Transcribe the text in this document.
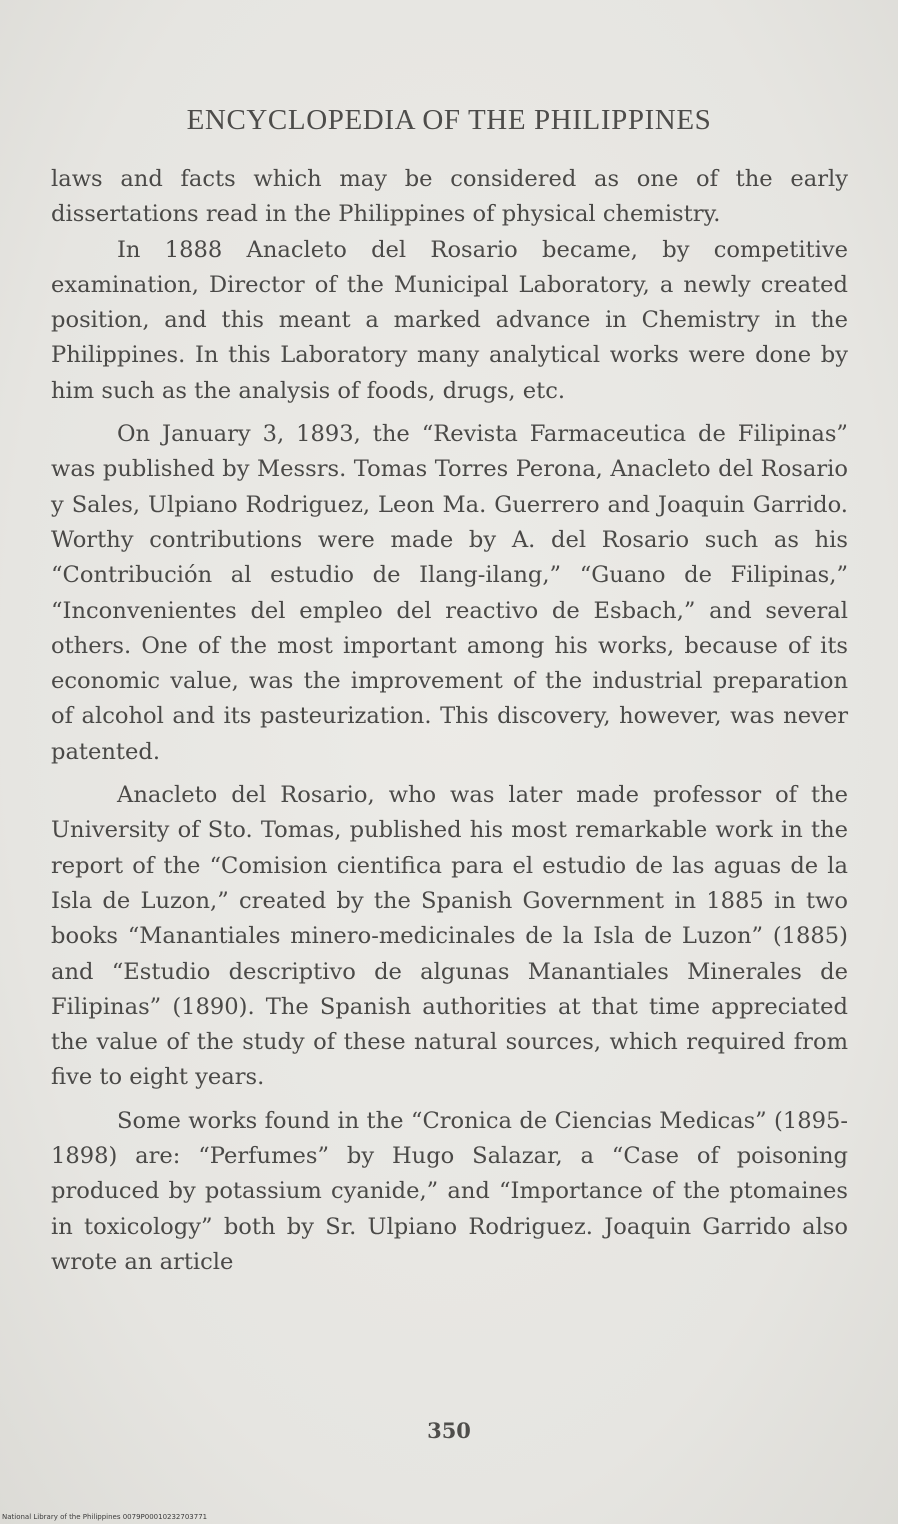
ENCYCLOPEDIA OF THE PHILIPPINES

laws and facts which may be considered as one of the early dissertations read in the Philippines of physical chemistry.

In 1888 Anacleto del Rosario became, by competitive examination, Director of the Municipal Laboratory, a newly created position, and this meant a marked advance in Chemistry in the Philippines. In this Laboratory many analytical works were done by him such as the analysis of foods, drugs, etc.

On January 3, 1893, the “Revista Farmaceutica de Filipinas” was published by Messrs. Tomas Torres Perona, Anacleto del Rosario y Sales, Ulpiano Rodriguez, Leon Ma. Guerrero and Joaquin Garrido. Worthy contributions were made by A. del Rosario such as his “Contribución al estudio de Ilang-ilang,” “Guano de Filipinas,” “Inconvenientes del empleo del reactivo de Esbach,” and several others. One of the most important among his works, because of its economic value, was the improvement of the industrial preparation of alcohol and its pasteurization. This discovery, however, was never patented.

Anacleto del Rosario, who was later made professor of the University of Sto. Tomas, published his most remarkable work in the report of the “Comision cientifica para el estudio de las aguas de la Isla de Luzon,” created by the Spanish Government in 1885 in two books “Manantiales minero-medicinales de la Isla de Luzon” (1885) and “Estudio descriptivo de algunas Manantiales Minerales de Filipinas” (1890). The Spanish authorities at that time appreciated the value of the study of these natural sources, which required from five to eight years.

Some works found in the “Cronica de Ciencias Medicas” (1895-1898) are: “Perfumes” by Hugo Salazar, a “Case of poisoning produced by potassium cyanide,” and “Importance of the ptomaines in toxicology” both by Sr. Ulpiano Rodriguez. Joaquin Garrido also wrote an article

350
National Library of the Philippines 0079P00010232703771
